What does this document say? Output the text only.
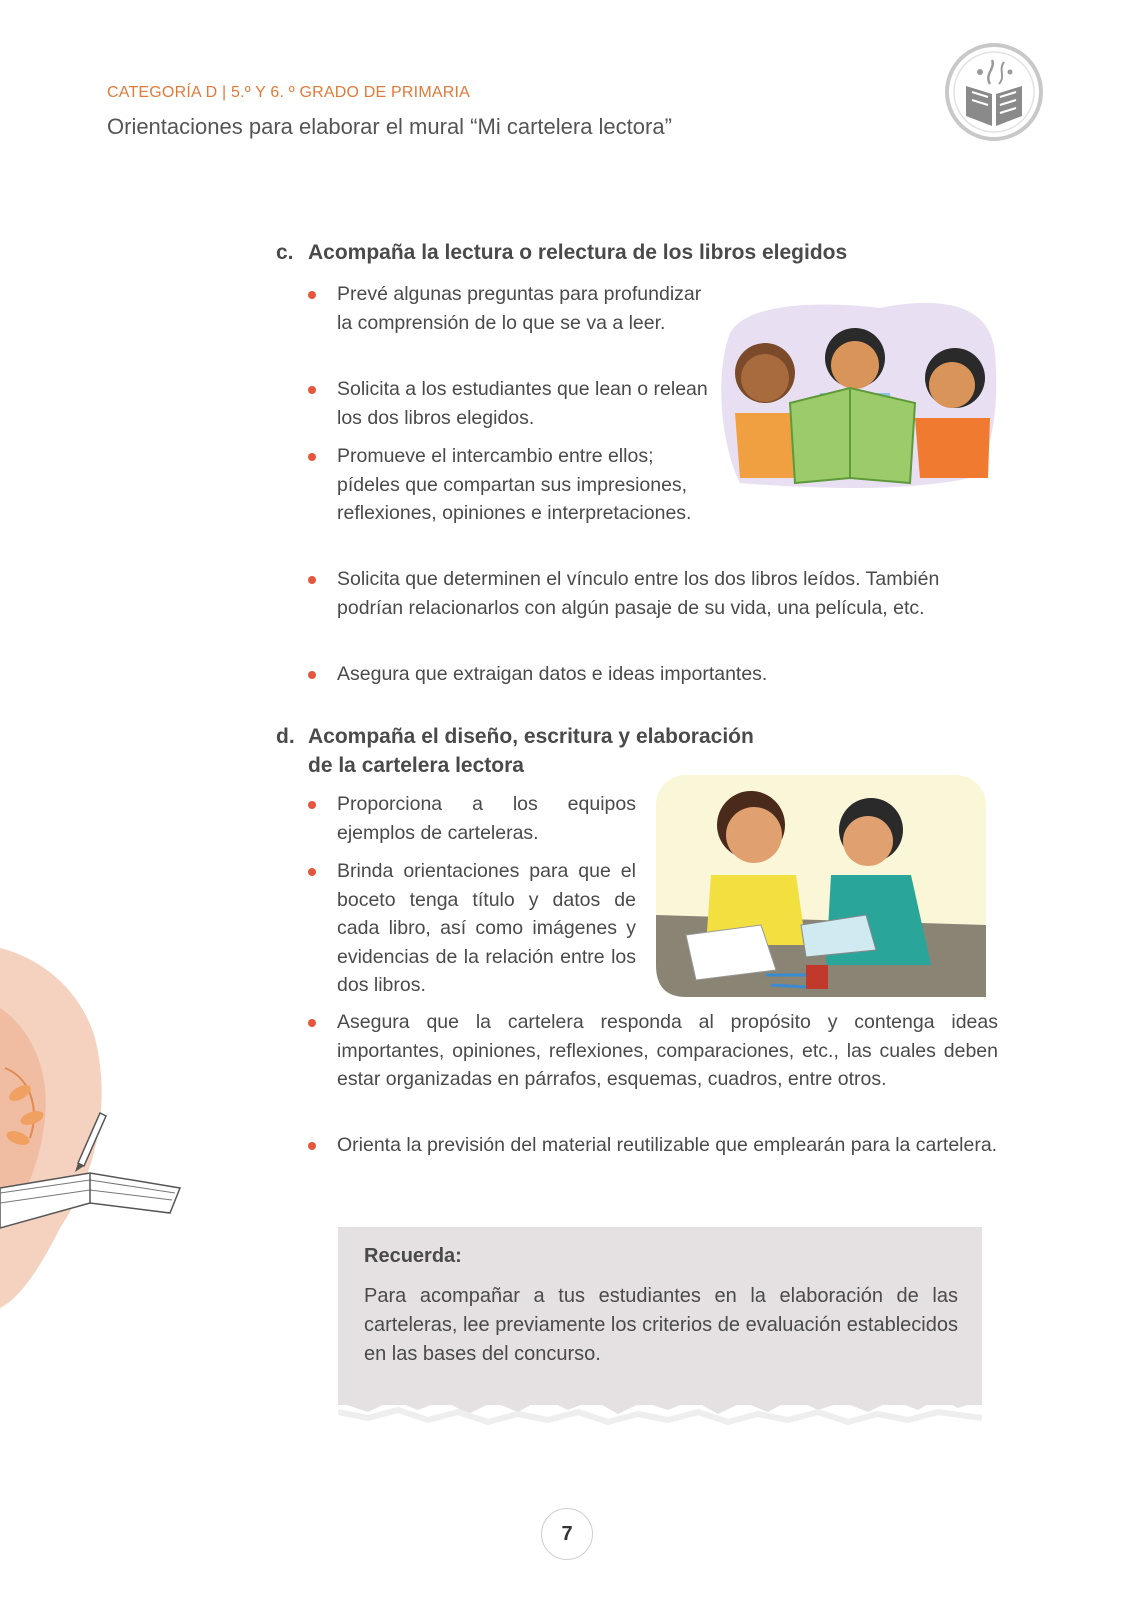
CATEGORÍA D | 5.º Y 6. º GRADO DE PRIMARIA
Orientaciones para elaborar el mural “Mi cartelera lectora”
c. Acompaña la lectura o relectura de los libros elegidos
Prevé algunas preguntas para profundizar la comprensión de lo que se va a leer.
Solicita a los estudiantes que lean o relean los dos libros elegidos.
Promueve el intercambio entre ellos; pídeles que compartan sus impresiones, reflexiones, opiniones e interpretaciones.
Solicita que determinen el vínculo entre los dos libros leídos. También podrían relacionarlos con algún pasaje de su vida, una película, etc.
Asegura que extraigan datos e ideas importantes.
d. Acompaña el diseño, escritura y elaboración
de la cartelera lectora
Proporciona a los equipos ejemplos de carteleras.
Brinda orientaciones para que el boceto tenga título y datos de cada libro, así como imágenes y evidencias de la relación entre los dos libros.
Asegura que la cartelera responda al propósito y contenga ideas importantes, opiniones, reflexiones, comparaciones, etc., las cuales deben estar organizadas en párrafos, esquemas, cuadros, entre otros.
Orienta la previsión del material reutilizable que emplearán para la cartelera.
Recuerda:
Para acompañar a tus estudiantes en la elaboración de las carteleras, lee previamente los criterios de evaluación establecidos en las bases del concurso.
7
